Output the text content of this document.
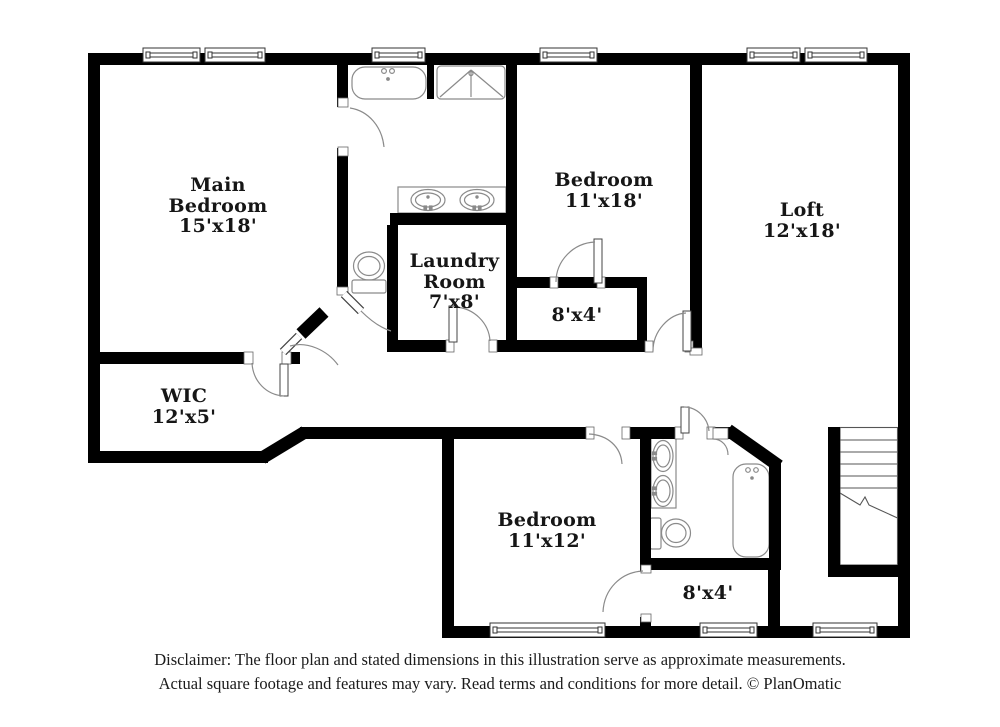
Main Bedroom
15'x18'
Bedroom
11'x18'	Loft
12'x18'
Laundry Room
7'x8'
8'x4'
WIC
12'x5'
Bedroom
11'x12'
8'x4'
Disclaimer: The floor plan and stated dimensions in this illustration serve as approximate measurements.
Actual square footage and features may vary. Read terms and conditions for more detail. © PlanOmatic
